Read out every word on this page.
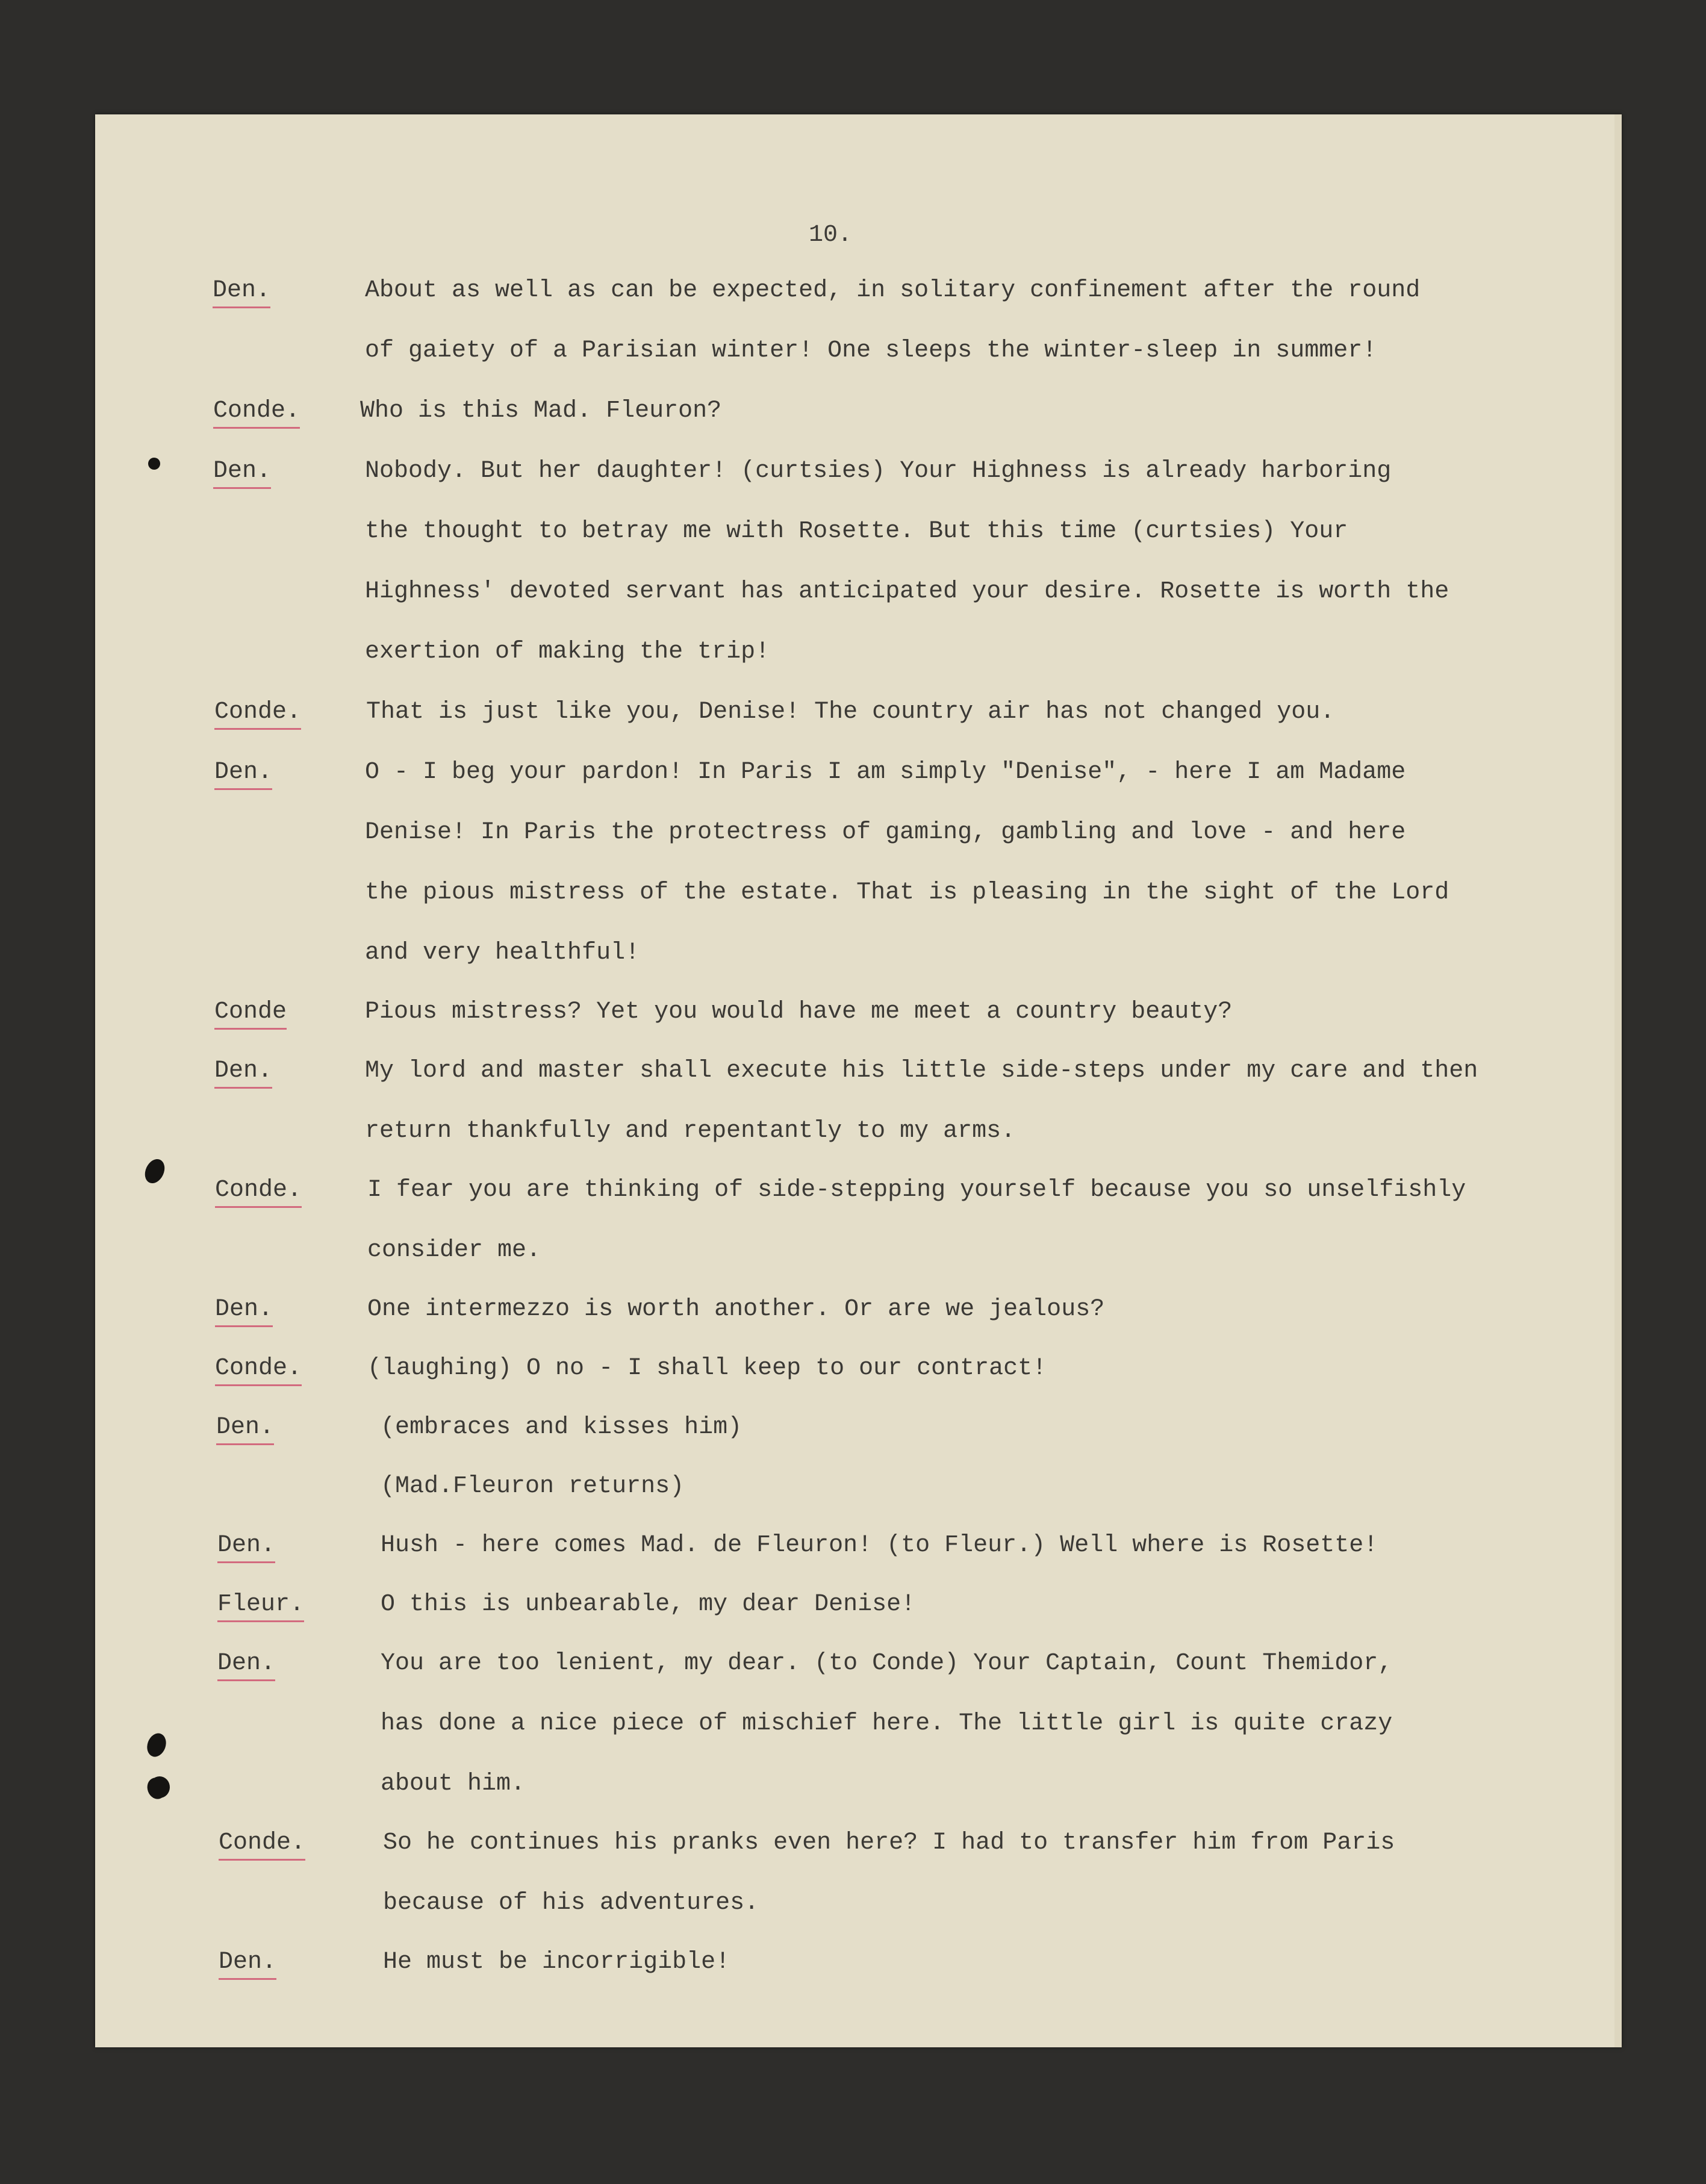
10.
Den.	About as well as can be expected, in solitary confinement after the round
of gaiety of a Parisian winter! One sleeps the winter-sleep in summer!
Conde. Who is this Mad. Fleuron?
Den.	Nobody. But her daughter! (curtsies) Your Highness is already harboring
the thought to betray me with Rosette. But this time (curtsies) Your
Highness' devoted servant has anticipated your desire. Rosette is worth the
exertion of making the trip!
Conde.	That is just like you, Denise! The country air has not changed you.
Den.	O - I beg your pardon! In Paris I am simply "Denise", - here I am Madame
Denise! In Paris the protectress of gaming, gambling and love - and here
the pious mistress of the estate. That is pleasing in the sight of the Lord
and very healthful!
Conde	Pious mistress? Yet you would have me meet a country beauty?
Den.	My lord and master shall execute his little side-steps under my care and then
return thankfully and repentantly to my arms.
Conde.	I fear you are thinking of side-stepping yourself because you so unselfishly
consider me.
Den.	One intermezzo is worth another. Or are we jealous?
Conde.	(laughing) O no - I shall keep to our contract!
Den.	(embraces and kisses him)
(Mad.Fleuron returns)
Den.	Hush - here comes Mad. de Fleuron! (to Fleur.) Well where is Rosette!
Fleur.	O this is unbearable, my dear Denise!
Den.	You are too lenient, my dear. (to Conde) Your Captain, Count Themidor,
has done a nice piece of mischief here. The little girl is quite crazy
about him.
Conde.	So he continues his pranks even here? I had to transfer him from Paris
because of his adventures.
Den.	He must be incorrigible!
